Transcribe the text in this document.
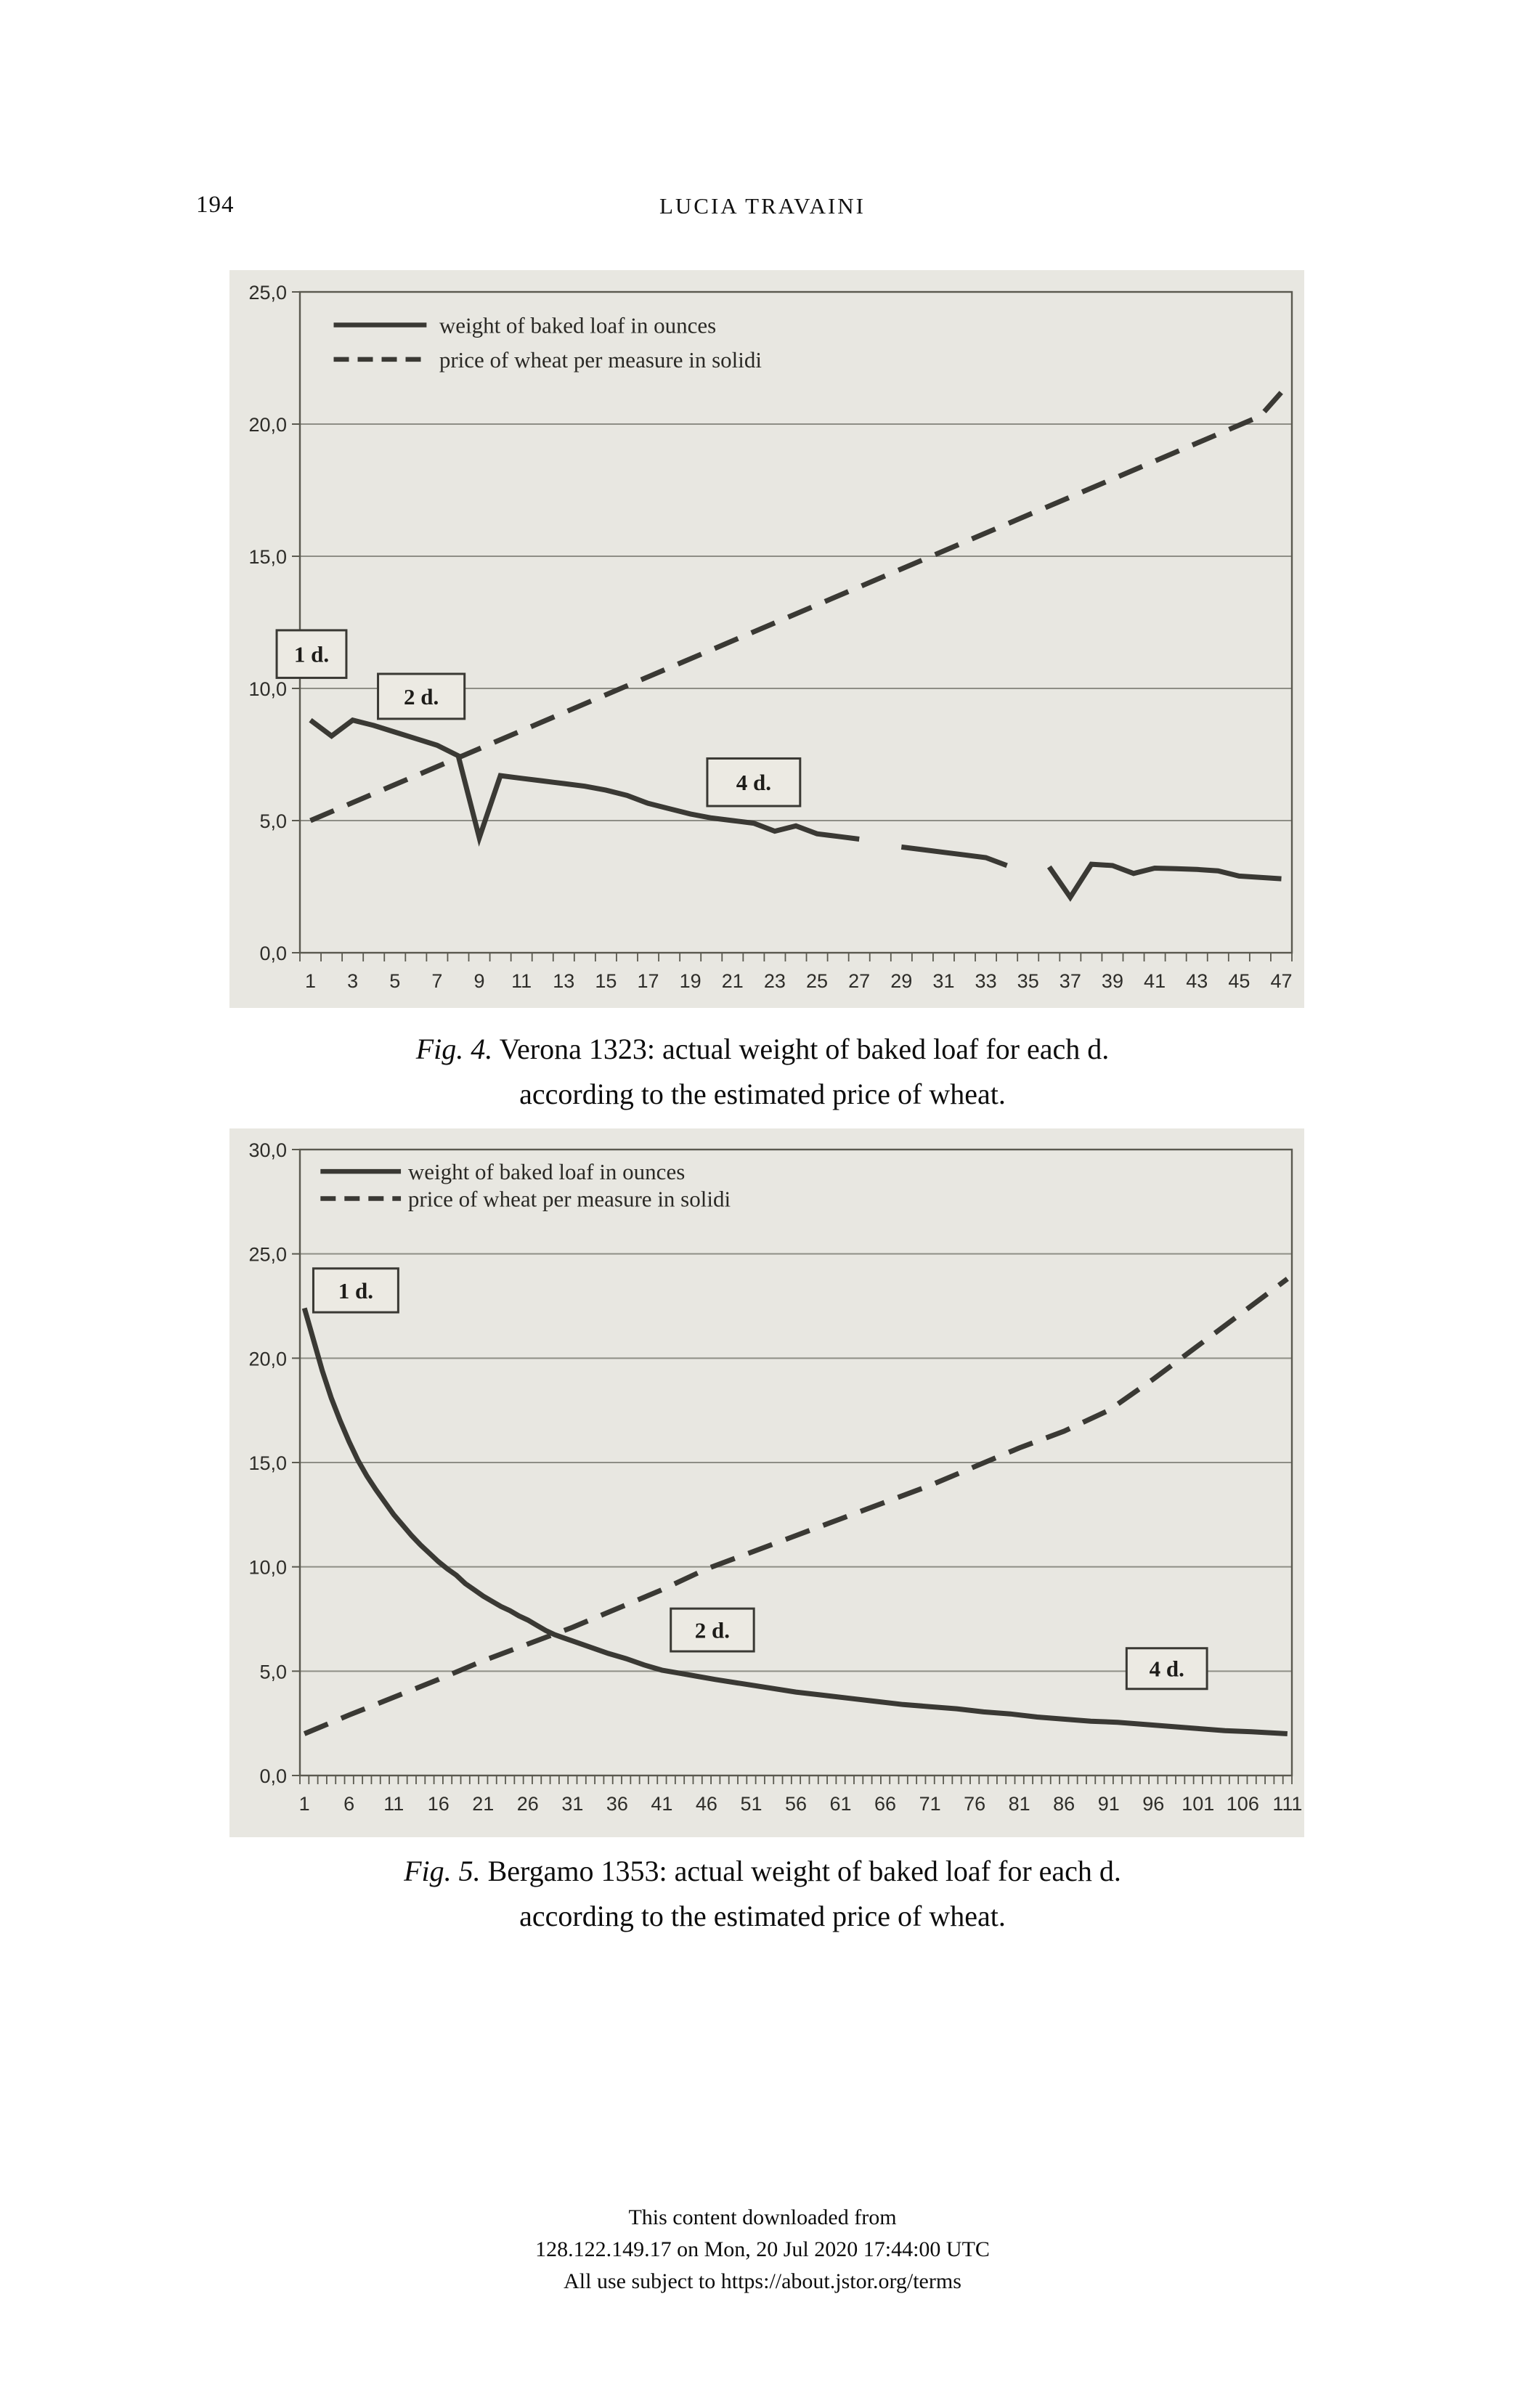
194	LUCIA TRAVAINI
25,0
20,0
15,0
10,0
5,0
0,0
1 3 5 7 9 11 13 15 17 19 21 23 25 27 29 31 33 35 37 39 41 43 45 47
weight of baked loaf in ounces
price of wheat per measure in solidi
1 d.
2 d.
4 d.
Fig. 4. Verona 1323: actual weight of baked loaf for each d.
according to the estimated price of wheat.
30,0
25,0
20,0
15,0
10,0
5,0
0,0
1 6 11 16 21 26 31 36 41 46 51 56 61 66 71 76 81 86 91 96 101 106 111
weight of baked loaf in ounces
price of wheat per measure in solidi
1 d.
2 d.
4 d.
Fig. 5. Bergamo 1353: actual weight of baked loaf for each d.
according to the estimated price of wheat.
This content downloaded from
128.122.149.17 on Mon, 20 Jul 2020 17:44:00 UTC
All use subject to https://about.jstor.org/terms
